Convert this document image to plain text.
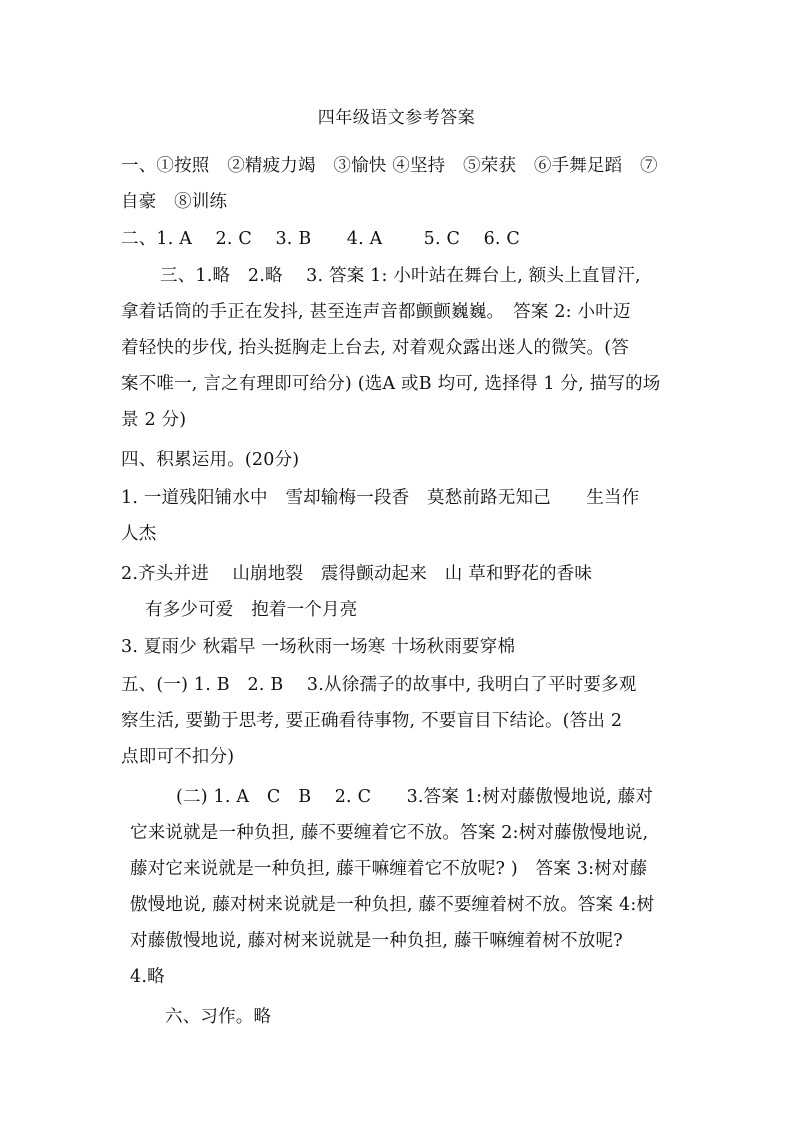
四年级语文参考答案
一、①按照　②精疲力竭　③愉快 ④坚持　⑤荣获　⑥手舞足蹈　⑦
自豪　⑧训练
二、1. A　 2. C　 3. B　　4. A　　 5. C　 6. C
三、1.略　2.略　 3. 答案 1: 小叶站在舞台上, 额头上直冒汗,
拿着话筒的手正在发抖, 甚至连声音都颤颤巍巍。　答案 2: 小叶迈
着轻快的步伐, 抬头挺胸走上台去, 对着观众露出迷人的微笑。(答
案不唯一, 言之有理即可给分) (选A 或B 均可, 选择得 1 分, 描写的场
景 2 分)
四、积累运用。(20分)
1. 一道残阳铺水中　雪却输梅一段香　莫愁前路无知己　　生当作
人杰
2.齐头并进　 山崩地裂　震得颤动起来　山 草和野花的香味
有多少可爱　抱着一个月亮
3. 夏雨少 秋霜早 一场秋雨一场寒 十场秋雨要穿棉
五、(一) 1. B　2. B　 3.从徐孺子的故事中, 我明白了平时要多观
察生活, 要勤于思考, 要正确看待事物, 不要盲目下结论。(答出 2
点即可不扣分)
(二) 1. A　C　B　 2. C　　3.答案 1:树对藤傲慢地说, 藤对
它来说就是一种负担, 藤不要缠着它不放。答案 2:树对藤傲慢地说,
藤对它来说就是一种负担, 藤干嘛缠着它不放呢? )　答案 3:树对藤
傲慢地说, 藤对树来说就是一种负担, 藤不要缠着树不放。答案 4:树
对藤傲慢地说, 藤对树来说就是一种负担, 藤干嘛缠着树不放呢?
4.略
六、习作。略
